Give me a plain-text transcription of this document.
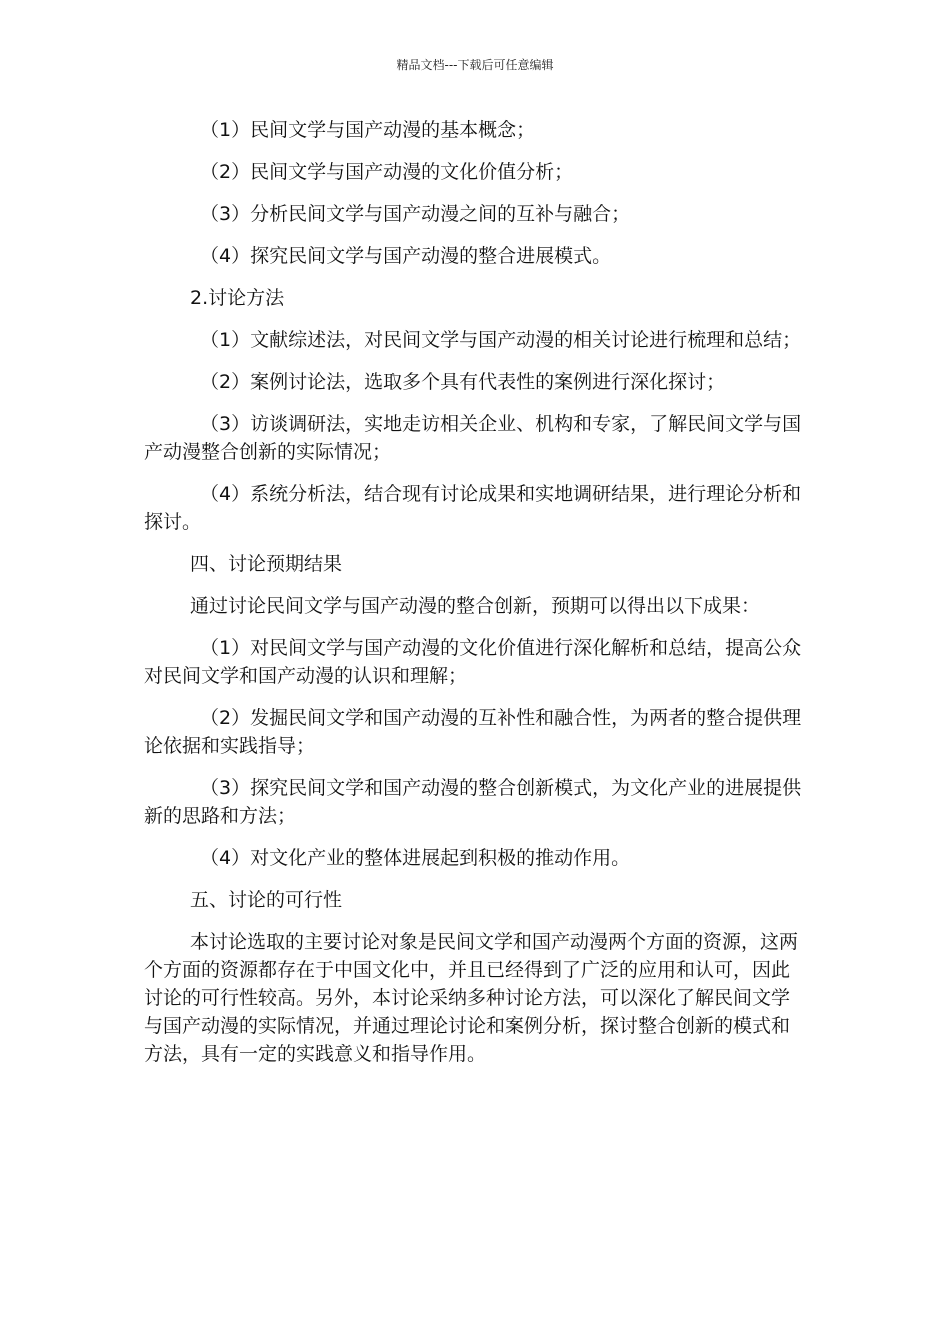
精品文档---下载后可任意编辑

（1）民间文学与国产动漫的基本概念；

（2）民间文学与国产动漫的文化价值分析；

（3）分析民间文学与国产动漫之间的互补与融合；

（4）探究民间文学与国产动漫的整合进展模式。

2.讨论方法

（1）文献综述法，对民间文学与国产动漫的相关讨论进行梳理和总结；

（2）案例讨论法，选取多个具有代表性的案例进行深化探讨；

（3）访谈调研法，实地走访相关企业、机构和专家，了解民间文学与国产动漫整合创新的实际情况；

（4）系统分析法，结合现有讨论成果和实地调研结果，进行理论分析和探讨。

四、讨论预期结果

通过讨论民间文学与国产动漫的整合创新，预期可以得出以下成果：

（1）对民间文学与国产动漫的文化价值进行深化解析和总结，提高公众对民间文学和国产动漫的认识和理解；

（2）发掘民间文学和国产动漫的互补性和融合性，为两者的整合提供理论依据和实践指导；

（3）探究民间文学和国产动漫的整合创新模式，为文化产业的进展提供新的思路和方法；

（4）对文化产业的整体进展起到积极的推动作用。

五、讨论的可行性

本讨论选取的主要讨论对象是民间文学和国产动漫两个方面的资源，这两个方面的资源都存在于中国文化中，并且已经得到了广泛的应用和认可，因此讨论的可行性较高。另外，本讨论采纳多种讨论方法，可以深化了解民间文学与国产动漫的实际情况，并通过理论讨论和案例分析，探讨整合创新的模式和方法，具有一定的实践意义和指导作用。
